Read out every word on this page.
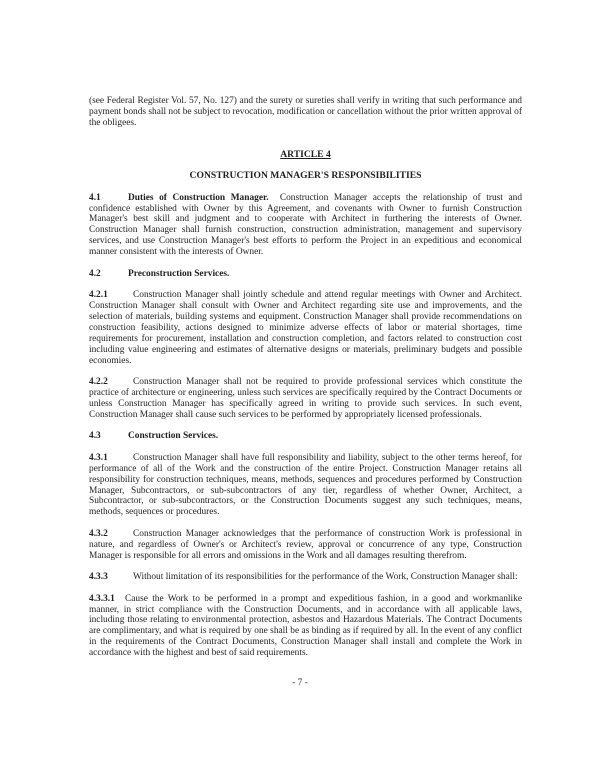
(see Federal Register Vol. 57, No. 127) and the surety or sureties shall verify in writing that such performance and payment bonds shall not be subject to revocation, modification or cancellation without the prior written approval of the obligees.

ARTICLE 4
CONSTRUCTION MANAGER'S RESPONSIBILITIES

4.1	Duties of Construction Manager. Construction Manager accepts the relationship of trust and confidence established with Owner by this Agreement, and covenants with Owner to furnish Construction Manager's best skill and judgment and to cooperate with Architect in furthering the interests of Owner. Construction Manager shall furnish construction, construction administration, management and supervisory services, and use Construction Manager's best efforts to perform the Project in an expeditious and economical manner consistent with the interests of Owner.

4.2	Preconstruction Services.

4.2.1	Construction Manager shall jointly schedule and attend regular meetings with Owner and Architect. Construction Manager shall consult with Owner and Architect regarding site use and improvements, and the selection of materials, building systems and equipment. Construction Manager shall provide recommendations on construction feasibility, actions designed to minimize adverse effects of labor or material shortages, time requirements for procurement, installation and construction completion, and factors related to construction cost including value engineering and estimates of alternative designs or materials, preliminary budgets and possible economies.

4.2.2	Construction Manager shall not be required to provide professional services which constitute the practice of architecture or engineering, unless such services are specifically required by the Contract Documents or unless Construction Manager has specifically agreed in writing to provide such services. In such event, Construction Manager shall cause such services to be performed by appropriately licensed professionals.

4.3	Construction Services.

4.3.1	Construction Manager shall have full responsibility and liability, subject to the other terms hereof, for performance of all of the Work and the construction of the entire Project. Construction Manager retains all responsibility for construction techniques, means, methods, sequences and procedures performed by Construction Manager, Subcontractors, or sub-subcontractors of any tier, regardless of whether Owner, Architect, a Subcontractor, or sub-subcontractors, or the Construction Documents suggest any such techniques, means, methods, sequences or procedures.

4.3.2	Construction Manager acknowledges that the performance of construction Work is professional in nature, and regardless of Owner's or Architect's review, approval or concurrence of any type, Construction Manager is responsible for all errors and omissions in the Work and all damages resulting therefrom.

4.3.3	Without limitation of its responsibilities for the performance of the Work, Construction Manager shall:

4.3.3.1 Cause the Work to be performed in a prompt and expeditious fashion, in a good and workmanlike manner, in strict compliance with the Construction Documents, and in accordance with all applicable laws, including those relating to environmental protection, asbestos and Hazardous Materials. The Contract Documents are complimentary, and what is required by one shall be as binding as if required by all. In the event of any conflict in the requirements of the Contract Documents, Construction Manager shall install and complete the Work in accordance with the highest and best of said requirements.

- 7 -
